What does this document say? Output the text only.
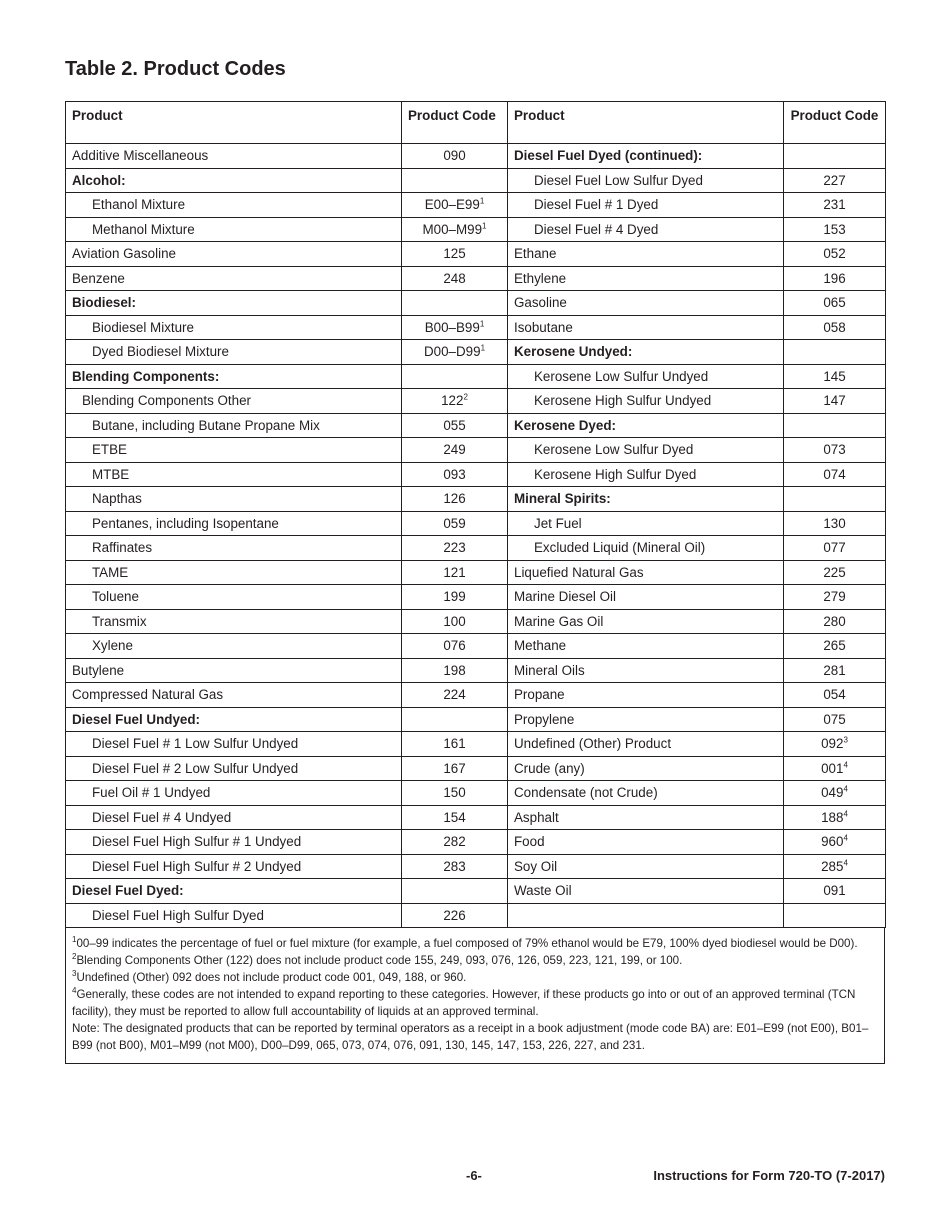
Table 2. Product Codes
Product	Product Code	Product	Product Code
Additive Miscellaneous	090	Diesel Fuel Dyed (continued):	
Alcohol:		Diesel Fuel Low Sulfur Dyed	227
Ethanol Mixture	$E00-E99^1$	Diesel Fuel # 1 Dyed	231
Methanol Mixture	$M00-M99^1$	Diesel Fuel # 4 Dyed	153
Aviation Gasoline	125	Ethane	052
Benzene	248	Ethylene	196
Biodiesel:		Gasoline	065
Biodiesel Mixture	$B00-B99^1$	Isobutane	058
Dyed Biodiesel Mixture	$D00-D99^1$	Kerosene Undyed:	
Blending Components:		Kerosene Low Sulfur Undyed	145
Blending Components Other	$122^2$	Kerosene High Sulfur Undyed	147
Butane, including Butane Propane Mix	055	Kerosene Dyed:	
ETBE	249	Kerosene Low Sulfur Dyed	073
MTBE	093	Kerosene High Sulfur Dyed	074
Napthas	126	Mineral Spirits:	
Pentanes, including Isopentane	059	Jet Fuel	130
Raffinates	223	Excluded Liquid (Mineral Oil)	077
TAME	121	Liquefied Natural Gas	225
Toluene	199	Marine Diesel Oil	279
Transmix	100	Marine Gas Oil	280
Xylene	076	Methane	265
Butylene	198	Mineral Oils	281
Compressed Natural Gas	224	Propane	054
Diesel Fuel Undyed:		Propylene	075
Diesel Fuel # 1 Low Sulfur Undyed	161	Undefined (Other) Product	$092^3$
Diesel Fuel # 2 Low Sulfur Undyed	167	Crude (any)	$001^4$
Fuel Oil # 1 Undyed	150	Condensate (not Crude)	$049^4$
Diesel Fuel # 4 Undyed	154	Asphalt	$188^4$
Diesel Fuel High Sulfur # 1 Undyed	282	Food	$960^4$
Diesel Fuel High Sulfur # 2 Undyed	283	Soy Oil	$285^4$
Diesel Fuel Dyed:		Waste Oil	091
Diesel Fuel High Sulfur Dyed	226		

$^1$00–99 indicates the percentage of fuel or fuel mixture (for example, a fuel composed of 79% ethanol would be E79, 100% dyed biodiesel would be D00).

$^2$Blending Components Other (122) does not include product code 155, 249, 093, 076, 126, 059, 223, 121, 199, or 100.

$^3$Undefined (Other) 092 does not include product code 001, 049, 188, or 960.

$^4$Generally, these codes are not intended to expand reporting to these categories. However, if these products go into or out of an approved terminal (TCN facility), they must be reported to allow full accountability of liquids at an approved terminal.

Note: The designated products that can be reported by terminal operators as a receipt in a book adjustment (mode code BA) are: E01–E99 (not E00), B01–B99 (not B00), M01–M99 (not M00), D00–D99, 065, 073, 074, 076, 091, 130, 145, 147, 153, 226, 227, and 231.

-6-	Instructions for Form 720-TO (7-2017)
